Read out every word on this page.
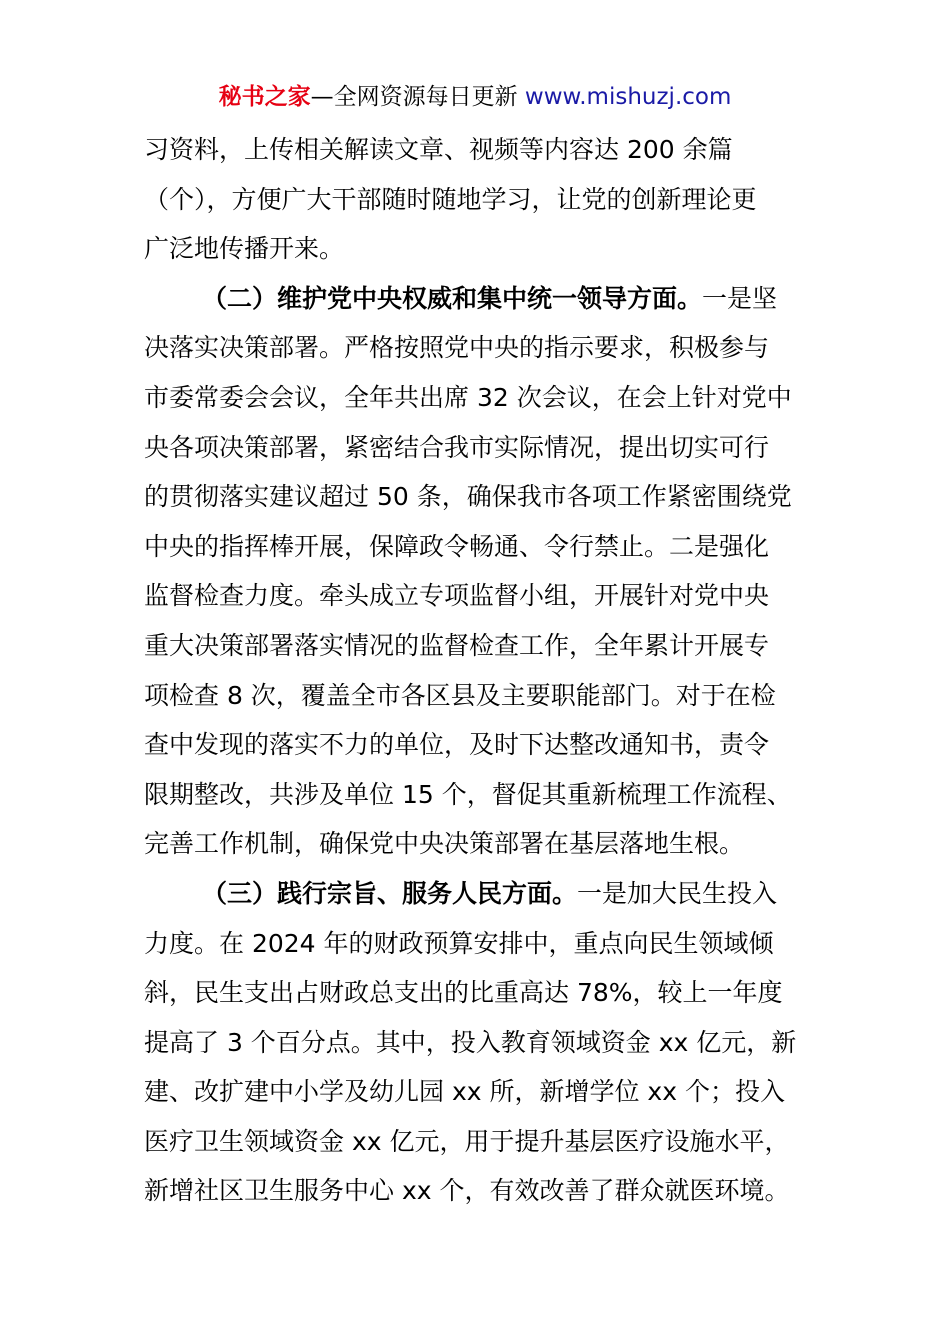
秘书之家—全网资源每日更新 www.mishuzj.com
习资料，上传相关解读文章、视频等内容达 200 余篇
（个），方便广大干部随时随地学习，让党的创新理论更
广泛地传播开来。
（二）维护党中央权威和集中统一领导方面。一是坚
决落实决策部署。严格按照党中央的指示要求，积极参与
市委常委会会议，全年共出席 32 次会议，在会上针对党中
央各项决策部署，紧密结合我市实际情况，提出切实可行
的贯彻落实建议超过 50 条，确保我市各项工作紧密围绕党
中央的指挥棒开展，保障政令畅通、令行禁止。二是强化
监督检查力度。牵头成立专项监督小组，开展针对党中央
重大决策部署落实情况的监督检查工作，全年累计开展专
项检查 8 次，覆盖全市各区县及主要职能部门。对于在检
查中发现的落实不力的单位，及时下达整改通知书，责令
限期整改，共涉及单位 15 个，督促其重新梳理工作流程、
完善工作机制，确保党中央决策部署在基层落地生根。
（三）践行宗旨、服务人民方面。一是加大民生投入
力度。在 2024 年的财政预算安排中，重点向民生领域倾
斜，民生支出占财政总支出的比重高达 78%，较上一年度
提高了 3 个百分点。其中，投入教育领域资金 xx 亿元，新
建、改扩建中小学及幼儿园 xx 所，新增学位 xx 个；投入
医疗卫生领域资金 xx 亿元，用于提升基层医疗设施水平，
新增社区卫生服务中心 xx 个，有效改善了群众就医环境。
